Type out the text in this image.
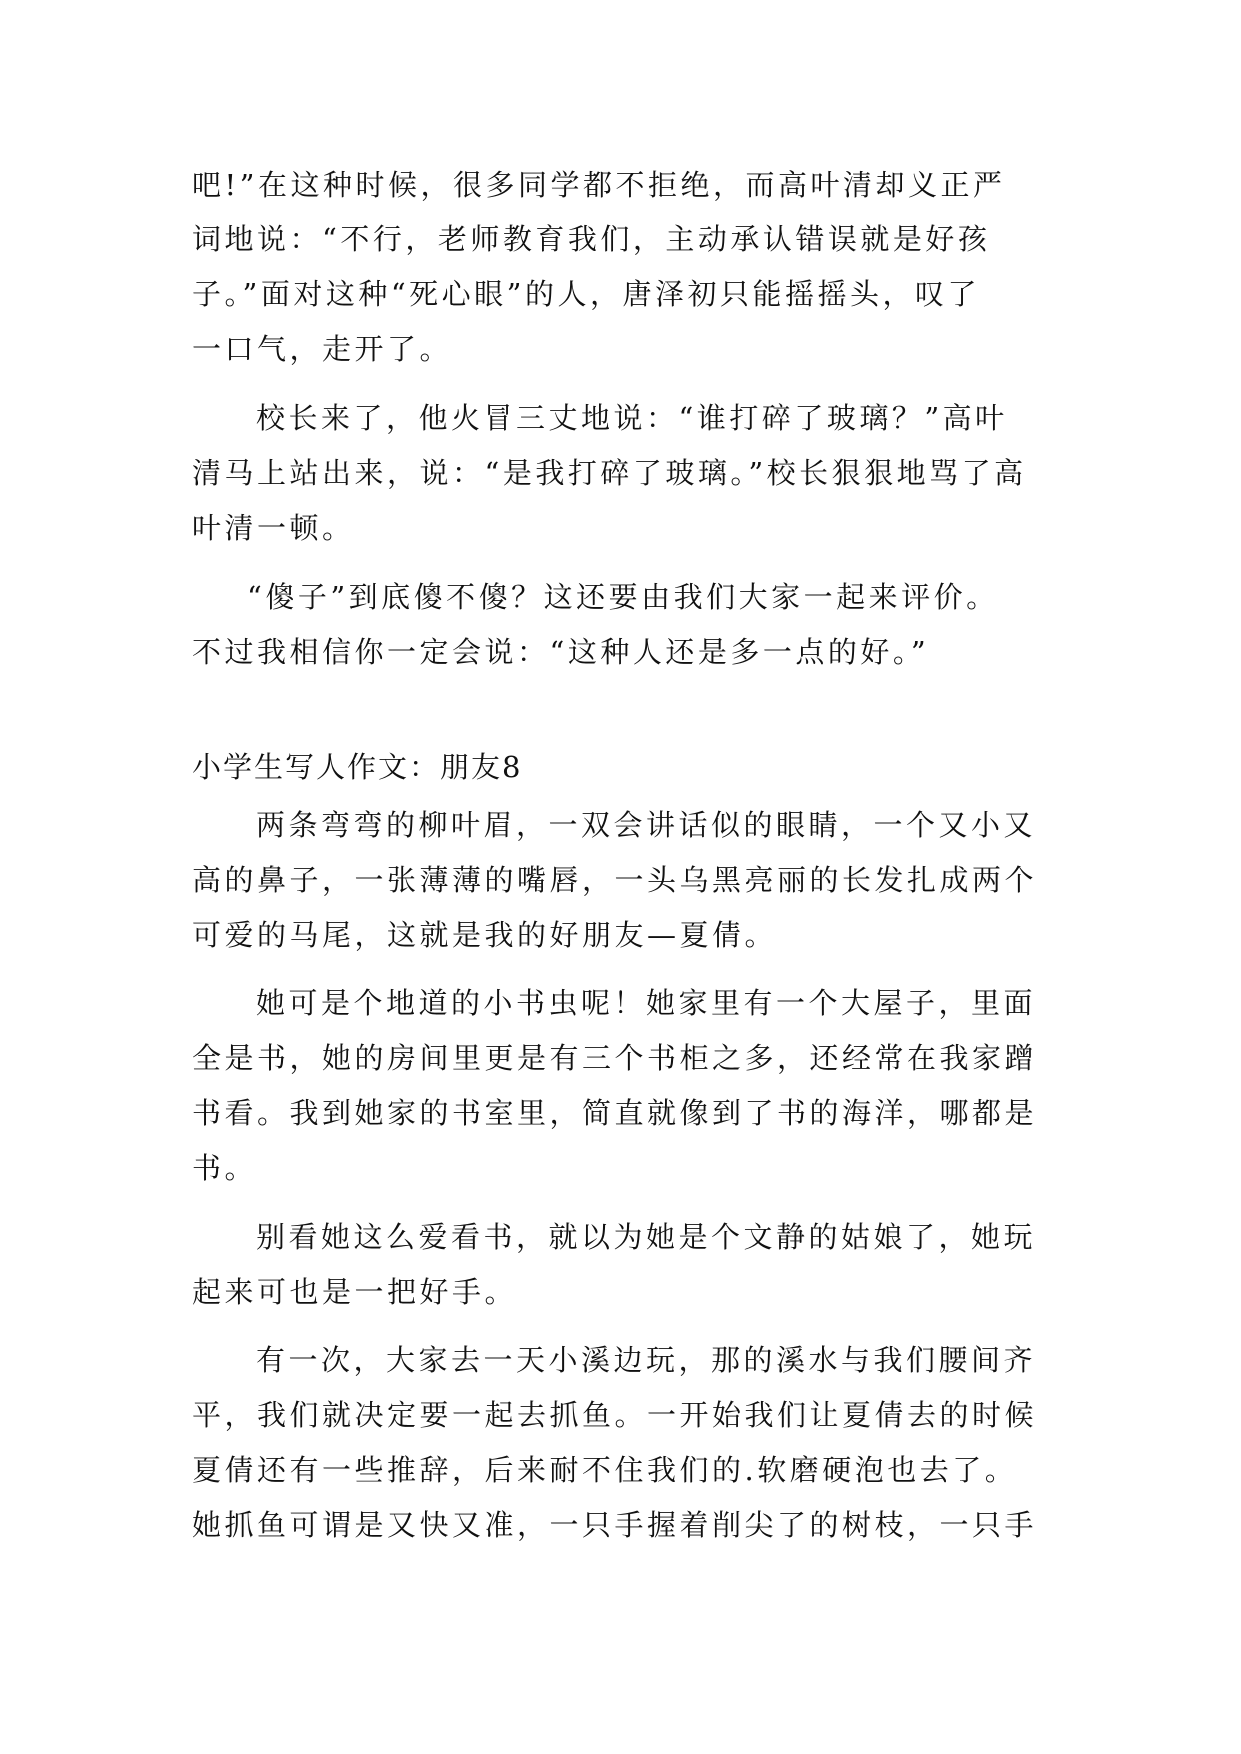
吧!”在这种时候，很多同学都不拒绝，而高叶清却义正严
词地说：“不行，老师教育我们，主动承认错误就是好孩
子。”面对这种“死心眼”的人，唐泽初只能摇摇头，叹了
一口气，走开了。
校长来了，他火冒三丈地说：“谁打碎了玻璃？”高叶
清马上站出来，说：“是我打碎了玻璃。”校长狠狠地骂了高
叶清一顿。
“傻子”到底傻不傻？这还要由我们大家一起来评价。
不过我相信你一定会说：“这种人还是多一点的好。”
小学生写人作文：朋友8
两条弯弯的柳叶眉，一双会讲话似的眼睛，一个又小又
高的鼻子，一张薄薄的嘴唇，一头乌黑亮丽的长发扎成两个
可爱的马尾，这就是我的好朋友—夏倩。
她可是个地道的小书虫呢！她家里有一个大屋子，里面
全是书，她的房间里更是有三个书柜之多，还经常在我家蹭
书看。我到她家的书室里，简直就像到了书的海洋，哪都是
书。
别看她这么爱看书，就以为她是个文静的姑娘了，她玩
起来可也是一把好手。
有一次，大家去一天小溪边玩，那的溪水与我们腰间齐
平，我们就决定要一起去抓鱼。一开始我们让夏倩去的时候
夏倩还有一些推辞，后来耐不住我们的.软磨硬泡也去了。
她抓鱼可谓是又快又准，一只手握着削尖了的树枝，一只手
